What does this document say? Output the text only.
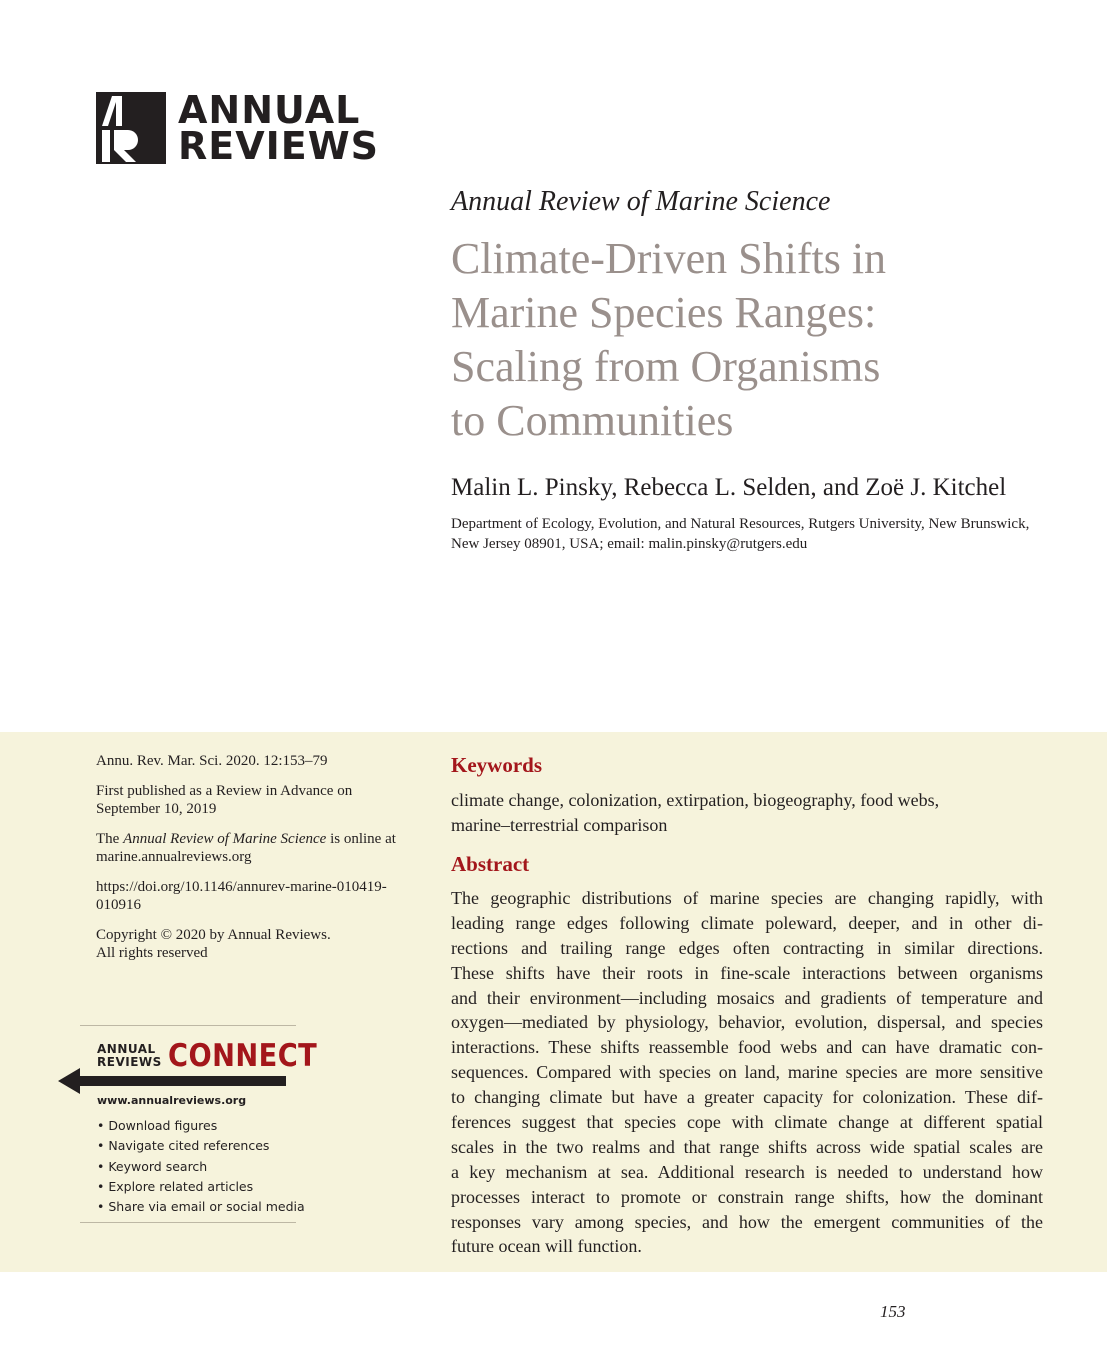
ANNUAL
REVIEWS
Annual Review of Marine Science
Climate-Driven Shifts in
Marine Species Ranges:
Scaling from Organisms
to Communities
Malin L. Pinsky, Rebecca L. Selden, and Zoë J. Kitchel
Department of Ecology, Evolution, and Natural Resources, Rutgers University, New Brunswick,
New Jersey 08901, USA; email: malin.pinsky@rutgers.edu

Annu. Rev. Mar. Sci. 2020. 12:153–79

First published as a Review in Advance on
September 10, 2019

The Annual Review of Marine Science is online at
marine.annualreviews.org

https://doi.org/10.1146/annurev-marine-010419-
010916

Copyright © 2020 by Annual Reviews.
All rights reserved

ANNUAL
REVIEWS CONNECT
www.annualreviews.org
• Download figures
• Navigate cited references
• Keyword search
• Explore related articles
• Share via email or social media
Keywords
climate change, colonization, extirpation, biogeography, food webs,
marine–terrestrial comparison
Abstract
The geographic distributions of marine species are changing rapidly, with
leading range edges following climate poleward, deeper, and in other di-
rections and trailing range edges often contracting in similar directions.
These shifts have their roots in fine-scale interactions between organisms
and their environment—including mosaics and gradients of temperature and
oxygen—mediated by physiology, behavior, evolution, dispersal, and species
interactions. These shifts reassemble food webs and can have dramatic con-
sequences. Compared with species on land, marine species are more sensitive
to changing climate but have a greater capacity for colonization. These dif-
ferences suggest that species cope with climate change at different spatial
scales in the two realms and that range shifts across wide spatial scales are
a key mechanism at sea. Additional research is needed to understand how
processes interact to promote or constrain range shifts, how the dominant
responses vary among species, and how the emergent communities of the
future ocean will function.
153
